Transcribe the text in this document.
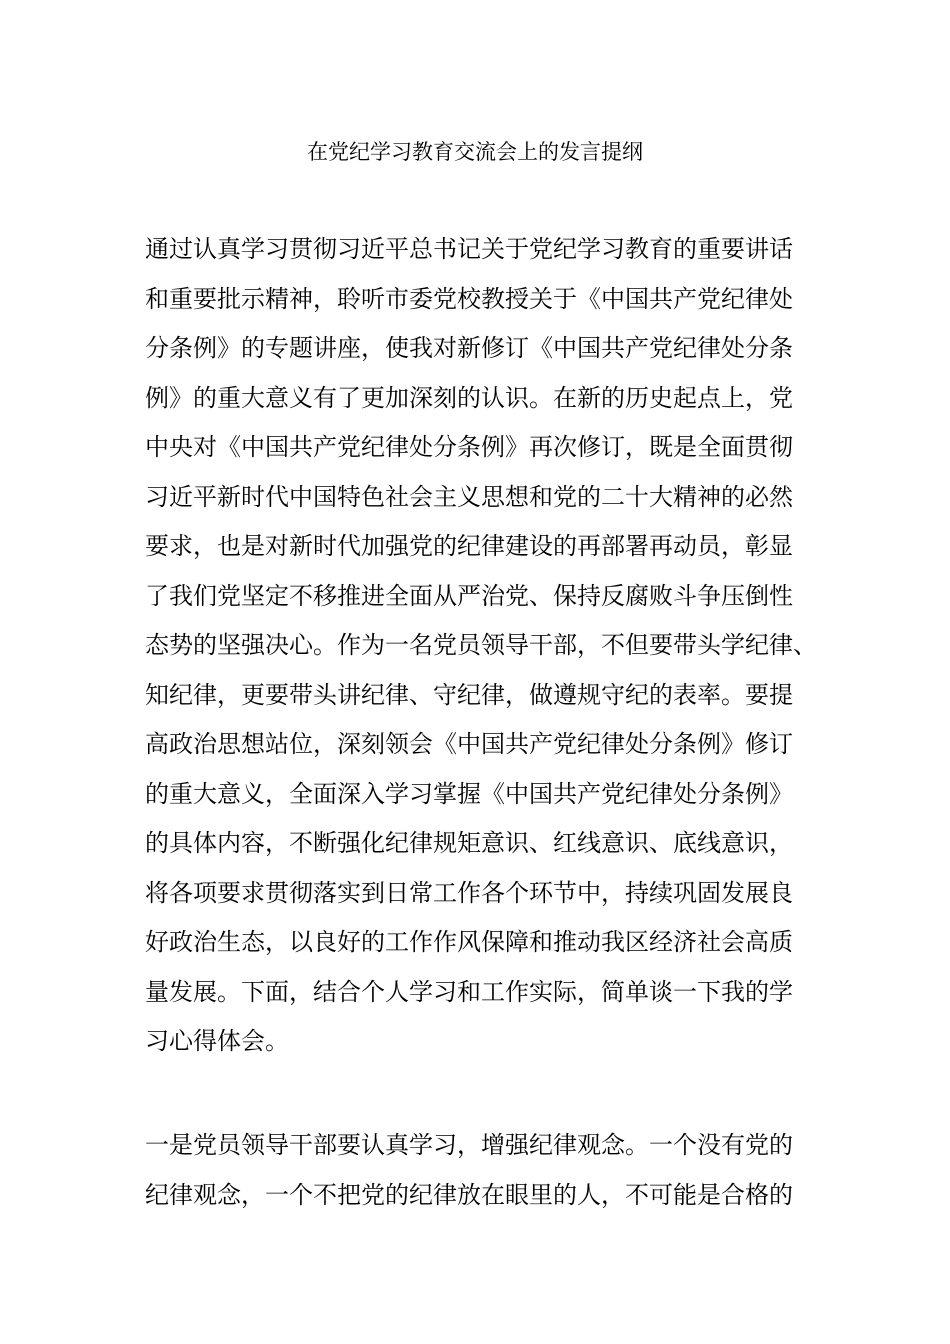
在党纪学习教育交流会上的发言提纲
通过认真学习贯彻习近平总书记关于党纪学习教育的重要讲话
和重要批示精神，聆听市委党校教授关于《中国共产党纪律处
分条例》的专题讲座，使我对新修订《中国共产党纪律处分条
例》的重大意义有了更加深刻的认识。在新的历史起点上，党
中央对《中国共产党纪律处分条例》再次修订，既是全面贯彻
习近平新时代中国特色社会主义思想和党的二十大精神的必然
要求，也是对新时代加强党的纪律建设的再部署再动员，彰显
了我们党坚定不移推进全面从严治党、保持反腐败斗争压倒性
态势的坚强决心。作为一名党员领导干部，不但要带头学纪律、
知纪律，更要带头讲纪律、守纪律，做遵规守纪的表率。要提
高政治思想站位，深刻领会《中国共产党纪律处分条例》修订
的重大意义，全面深入学习掌握《中国共产党纪律处分条例》
的具体内容，不断强化纪律规矩意识、红线意识、底线意识，
将各项要求贯彻落实到日常工作各个环节中，持续巩固发展良
好政治生态，以良好的工作作风保障和推动我区经济社会高质
量发展。下面，结合个人学习和工作实际，简单谈一下我的学
习心得体会。
一是党员领导干部要认真学习，增强纪律观念。一个没有党的
纪律观念，一个不把党的纪律放在眼里的人，不可能是合格的
